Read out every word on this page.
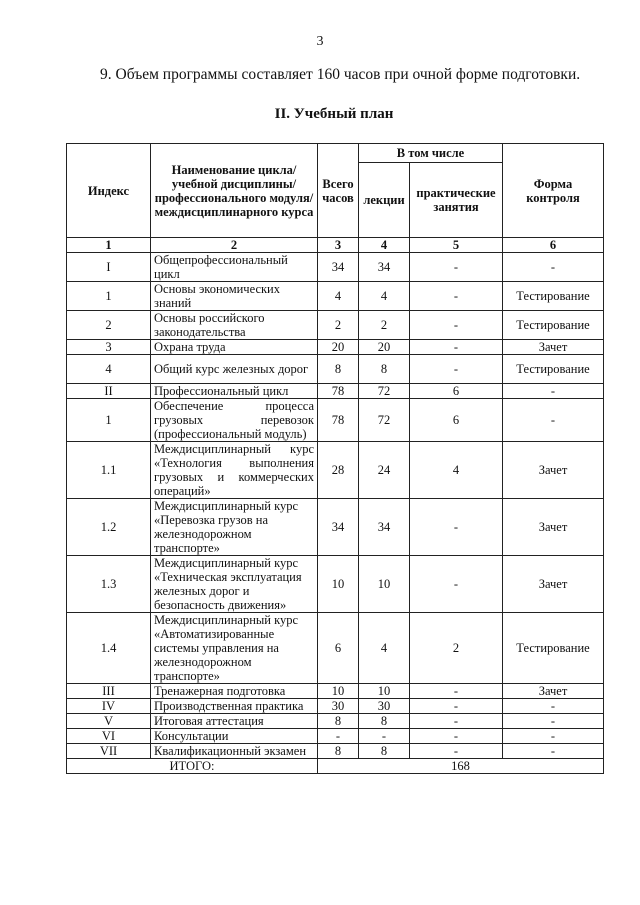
3
9. Объем программы составляет 160 часов при очной форме подготовки.
II. Учебный план
Индекс	Наименование цикла/ учебной дисциплины/ профессионального модуля/ междисциплинарного курса	Всего часов	В том числе		Форма контроля
			лекции	практические занятия	
1	2	3	4	5	6
I	Общепрофессиональный цикл	34	34	-	-
1	Основы экономических знаний	4	4	-	Тестирование
2	Основы российского законодательства	2	2	-	Тестирование
3	Охрана труда	20	20	-	Зачет
4	Общий курс железных дорог	8	8	-	Тестирование
II	Профессиональный цикл	78	72	6	-
1	Обеспечение процесса грузовых перевозок (профессиональный модуль)	78	72	6	-
1.1	Междисциплинарный курс «Технология выполнения грузовых и коммерческих операций»	28	24	4	Зачет
1.2	Междисциплинарный курс «Перевозка грузов на железнодорожном транспорте»	34	34	-	Зачет
1.3	Междисциплинарный курс «Техническая эксплуатация железных дорог и безопасность движения»	10	10	-	Зачет
1.4	Междисциплинарный курс «Автоматизированные системы управления на железнодорожном транспорте»	6	4	2	Тестирование
III	Тренажерная подготовка	10	10	-	Зачет
IV	Производственная практика	30	30	-	-
V	Итоговая аттестация	8	8	-	-
VI	Консультации	-	-	-	-
VII	Квалификационный экзамен	8	8	-	-
ИТОГО:		168			
